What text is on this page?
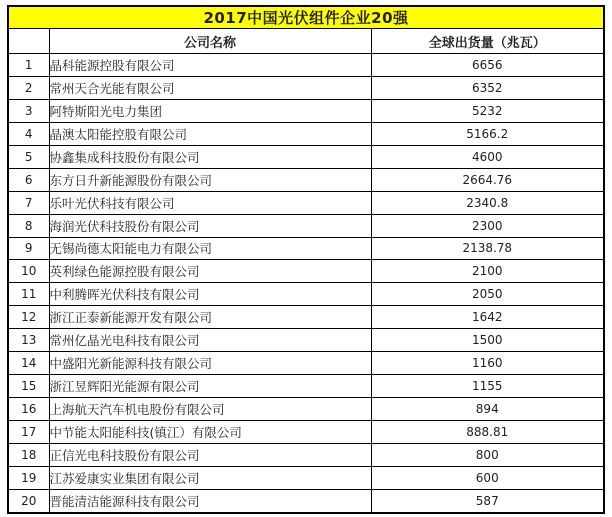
2017中国光伏组件企业20强		
	公司名称	全球出货量（兆瓦）
1	晶科能源控股有限公司	6656
2	常州天合光能有限公司	6352
3	阿特斯阳光电力集团	5232
4	晶澳太阳能控股有限公司	5166.2
5	协鑫集成科技股份有限公司	4600
6	东方日升新能源股份有限公司	2664.76
7	乐叶光伏科技有限公司	2340.8
8	海润光伏科技股份有限公司	2300
9	无锡尚德太阳能电力有限公司	2138.78
10	英利绿色能源控股有限公司	2100
11	中利腾晖光伏科技有限公司	2050
12	浙江正泰新能源开发有限公司	1642
13	常州亿晶光电科技有限公司	1500
14	中盛阳光新能源科技有限公司	1160
15	浙江昱辉阳光能源有限公司	1155
16	上海航天汽车机电股份有限公司	894
17	中节能太阳能科技(镇江）有限公司	888.81
18	正信光电科技股份有限公司	800
19	江苏爱康实业集团有限公司	600
20	晋能清洁能源科技有限公司	587
